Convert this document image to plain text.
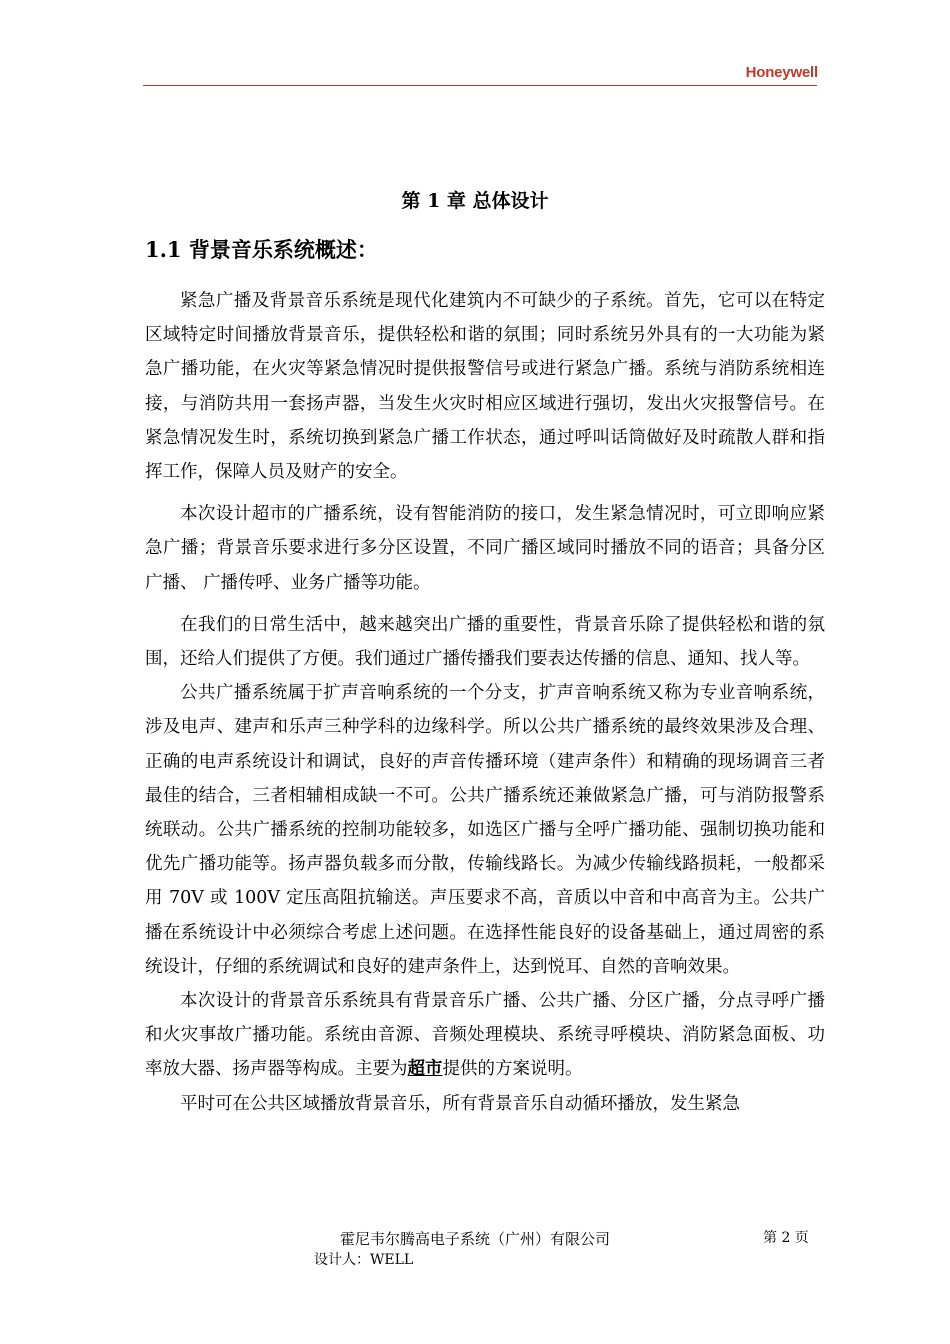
Honeywell
第 1 章 总体设计
1.1 背景音乐系统概述：

紧急广播及背景音乐系统是现代化建筑内不可缺少的子系统。首先，它可以在特定区域特定时间播放背景音乐，提供轻松和谐的氛围；同时系统另外具有的一大功能为紧急广播功能，在火灾等紧急情况时提供报警信号或进行紧急广播。系统与消防系统相连接，与消防共用一套扬声器，当发生火灾时相应区域进行强切，发出火灾报警信号。在紧急情况发生时，系统切换到紧急广播工作状态，通过呼叫话筒做好及时疏散人群和指挥工作，保障人员及财产的安全。

本次设计超市的广播系统，设有智能消防的接口，发生紧急情况时，可立即响应紧急广播；背景音乐要求进行多分区设置，不同广播区域同时播放不同的语音；具备分区广播、 广播传呼、业务广播等功能。

在我们的日常生活中，越来越突出广播的重要性，背景音乐除了提供轻松和谐的氛围，还给人们提供了方便。我们通过广播传播我们要表达传播的信息、通知、找人等。

公共广播系统属于扩声音响系统的一个分支，扩声音响系统又称为专业音响系统，涉及电声、建声和乐声三种学科的边缘科学。所以公共广播系统的最终效果涉及合理、正确的电声系统设计和调试，良好的声音传播环境（建声条件）和精确的现场调音三者最佳的结合，三者相辅相成缺一不可。公共广播系统还兼做紧急广播，可与消防报警系统联动。公共广播系统的控制功能较多，如选区广播与全呼广播功能、强制切换功能和优先广播功能等。扬声器负载多而分散，传输线路长。为减少传输线路损耗，一般都采用 70V 或 100V 定压高阻抗输送。声压要求不高，音质以中音和中高音为主。公共广播在系统设计中必须综合考虑上述问题。在选择性能良好的设备基础上，通过周密的系统设计，仔细的系统调试和良好的建声条件上，达到悦耳、自然的音响效果。

本次设计的背景音乐系统具有背景音乐广播、公共广播、分区广播，分点寻呼广播和火灾事故广播功能。系统由音源、音频处理模块、系统寻呼模块、消防紧急面板、功率放大器、扬声器等构成。主要为超市提供的方案说明。

平时可在公共区域播放背景音乐，所有背景音乐自动循环播放，发生紧急

霍尼韦尔腾高电子系统（广州）有限公司	第 2 页
设计人：WELL
